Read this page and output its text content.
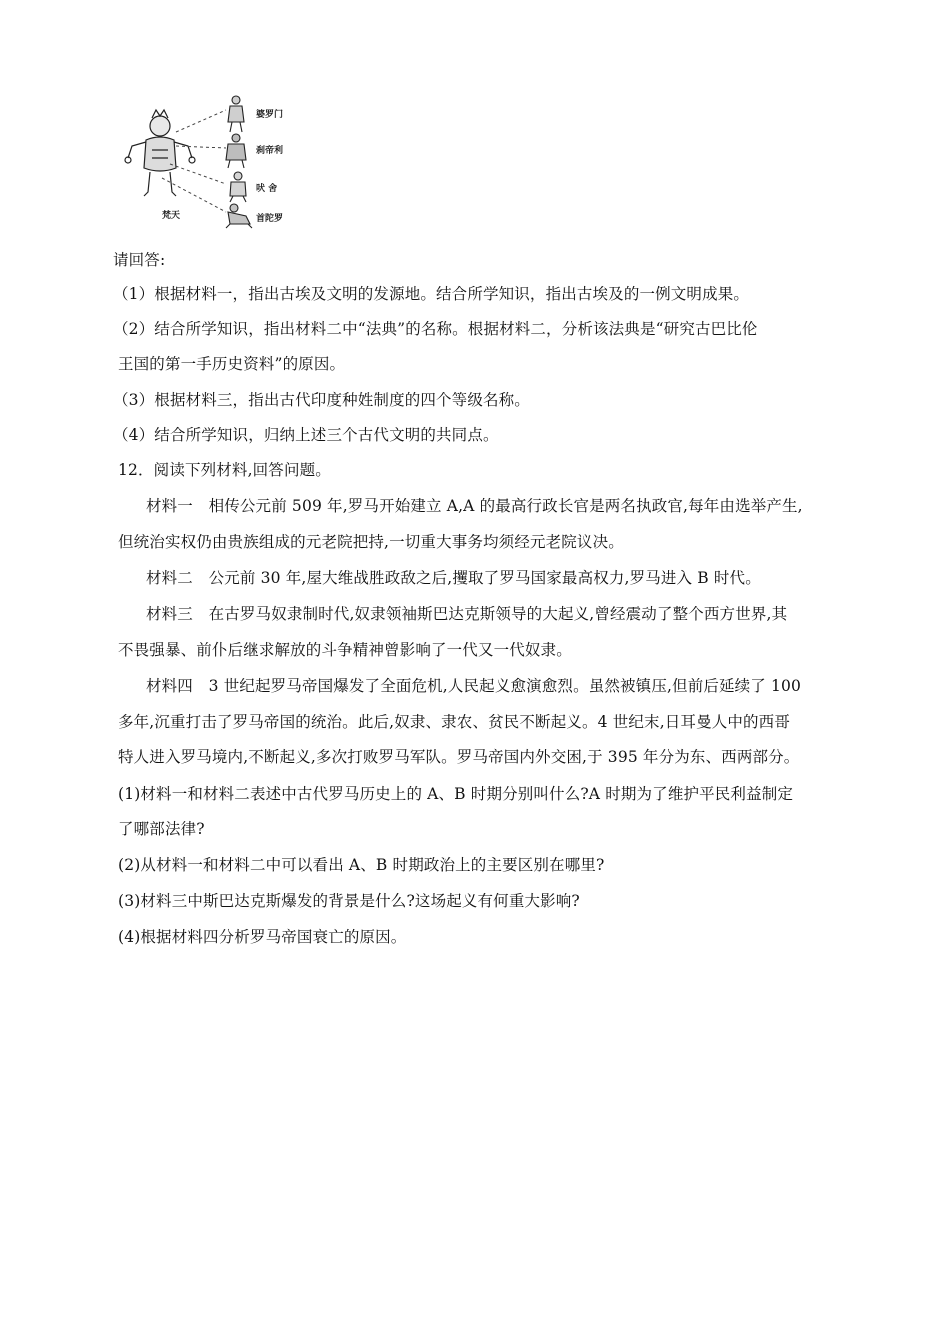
婆罗门
刹帝利
吠 舍
首陀罗
梵天
请回答:
（1）根据材料一，指出古埃及文明的发源地。结合所学知识，指出古埃及的一例文明成果。
（2）结合所学知识，指出材料二中“法典”的名称。根据材料二，分析该法典是“研究古巴比伦
王国的第一手历史资料”的原因。
（3）根据材料三，指出古代印度种姓制度的四个等级名称。
（4）结合所学知识，归纳上述三个古代文明的共同点。
12．阅读下列材料,回答问题。
材料一　相传公元前 509 年,罗马开始建立 A,A 的最高行政长官是两名执政官,每年由选举产生,
但统治实权仍由贵族组成的元老院把持,一切重大事务均须经元老院议决。
材料二　公元前 30 年,屋大维战胜政敌之后,攫取了罗马国家最高权力,罗马进入 B 时代。
材料三　在古罗马奴隶制时代,奴隶领袖斯巴达克斯领导的大起义,曾经震动了整个西方世界,其
不畏强暴、前仆后继求解放的斗争精神曾影响了一代又一代奴隶。
材料四　3 世纪起罗马帝国爆发了全面危机,人民起义愈演愈烈。虽然被镇压,但前后延续了 100
多年,沉重打击了罗马帝国的统治。此后,奴隶、隶农、贫民不断起义。4 世纪末,日耳曼人中的西哥
特人进入罗马境内,不断起义,多次打败罗马军队。罗马帝国内外交困,于 395 年分为东、西两部分。
(1)材料一和材料二表述中古代罗马历史上的 A、B 时期分别叫什么?A 时期为了维护平民利益制定
了哪部法律?
(2)从材料一和材料二中可以看出 A、B 时期政治上的主要区别在哪里?
(3)材料三中斯巴达克斯爆发的背景是什么?这场起义有何重大影响?
(4)根据材料四分析罗马帝国衰亡的原因。
